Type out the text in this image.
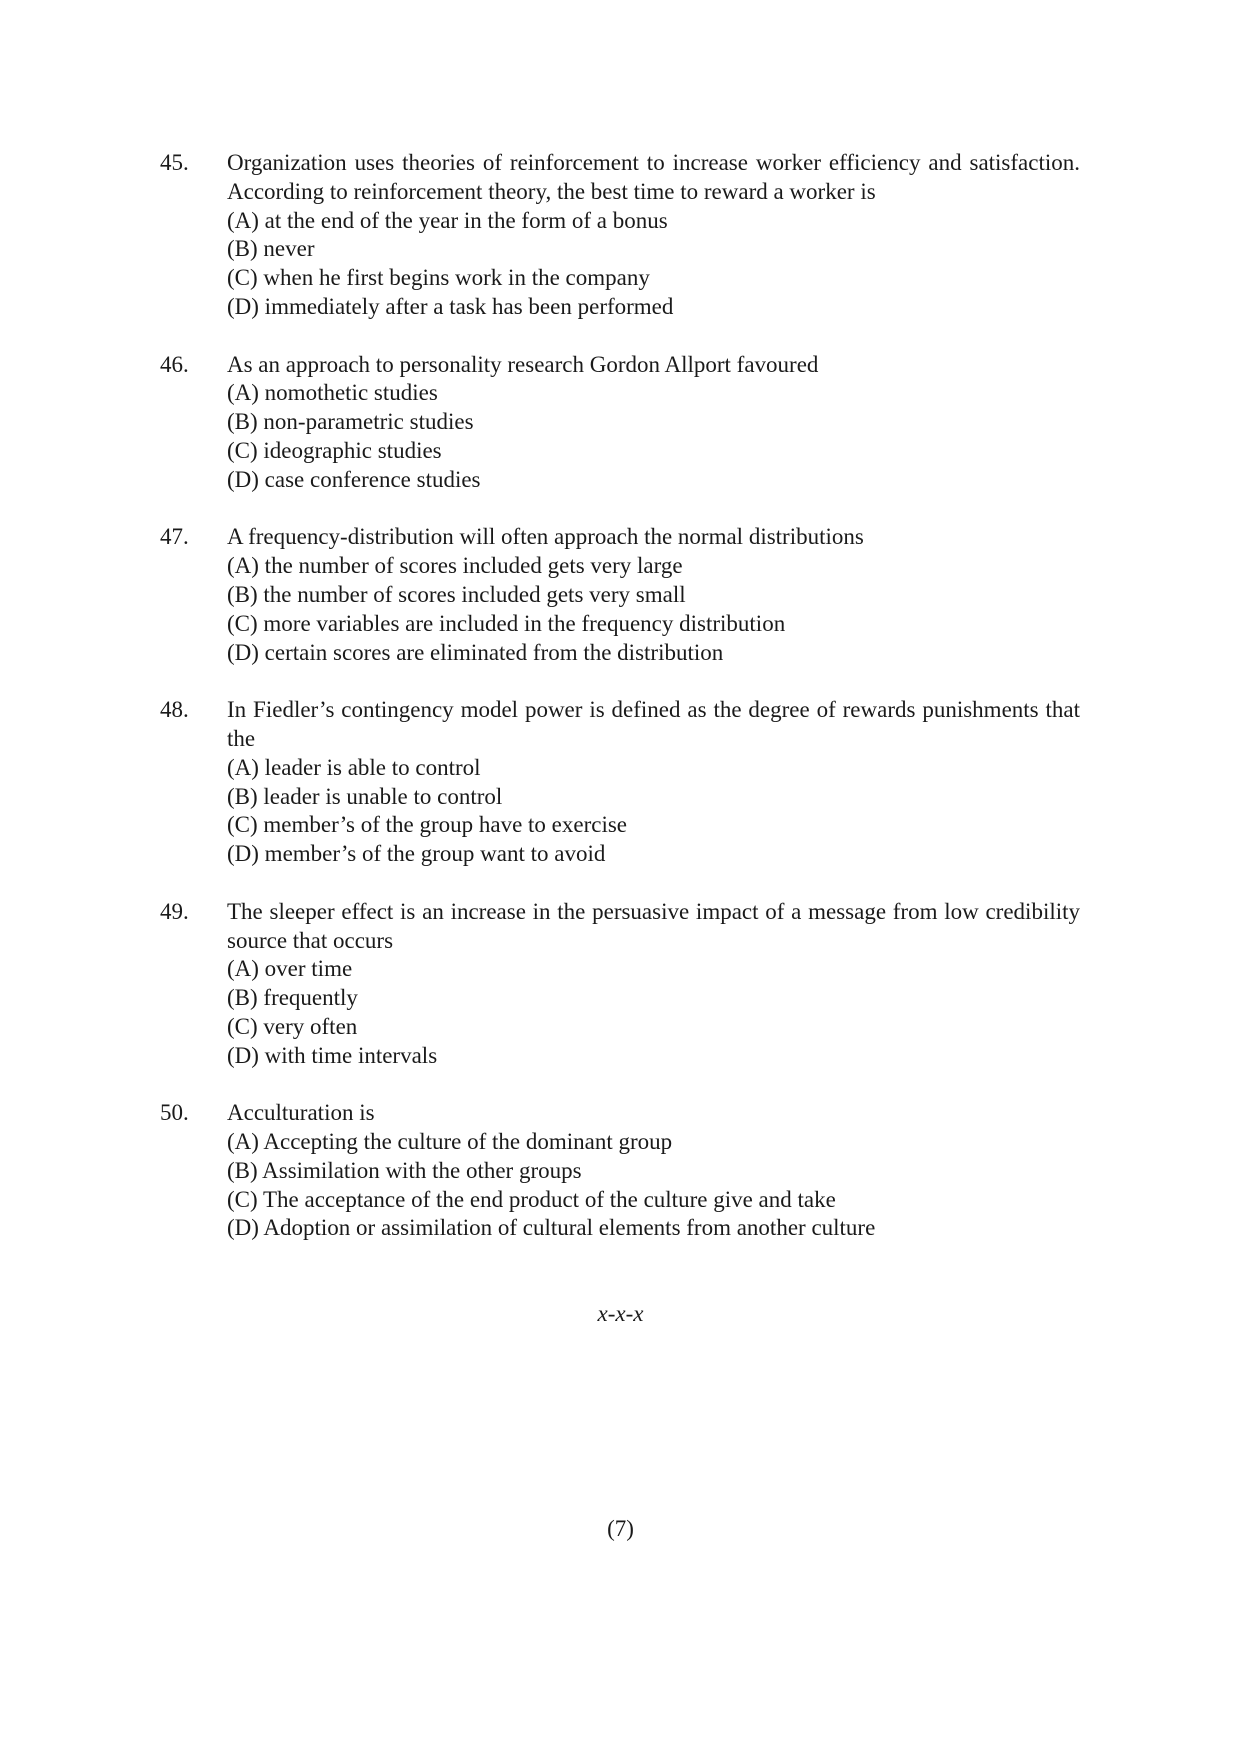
45.	Organization uses theories of reinforcement to increase worker efficiency and satisfaction. According to reinforcement theory, the best time to reward a worker is
(A) at the end of the year in the form of a bonus
(B) never
(C) when he first begins work in the company
(D) immediately after a task has been performed
46.	As an approach to personality research Gordon Allport favoured
(A) nomothetic studies
(B) non-parametric studies
(C) ideographic studies
(D) case conference studies
47.	A frequency-distribution will often approach the normal distributions
(A) the number of scores included gets very large
(B) the number of scores included gets very small
(C) more variables are included in the frequency distribution
(D) certain scores are eliminated from the distribution
48.	In Fiedler’s contingency model power is defined as the degree of rewards punishments that the
(A) leader is able to control
(B) leader is unable to control
(C) member’s of the group have to exercise
(D) member’s of the group want to avoid
49.	The sleeper effect is an increase in the persuasive impact of a message from low credibility source that occurs
(A) over time
(B) frequently
(C) very often
(D) with time intervals
50.	Acculturation is
(A) Accepting the culture of the dominant group
(B) Assimilation with the other groups
(C) The acceptance of the end product of the culture give and take
(D) Adoption or assimilation of cultural elements from another culture
x-x-x
(7)
